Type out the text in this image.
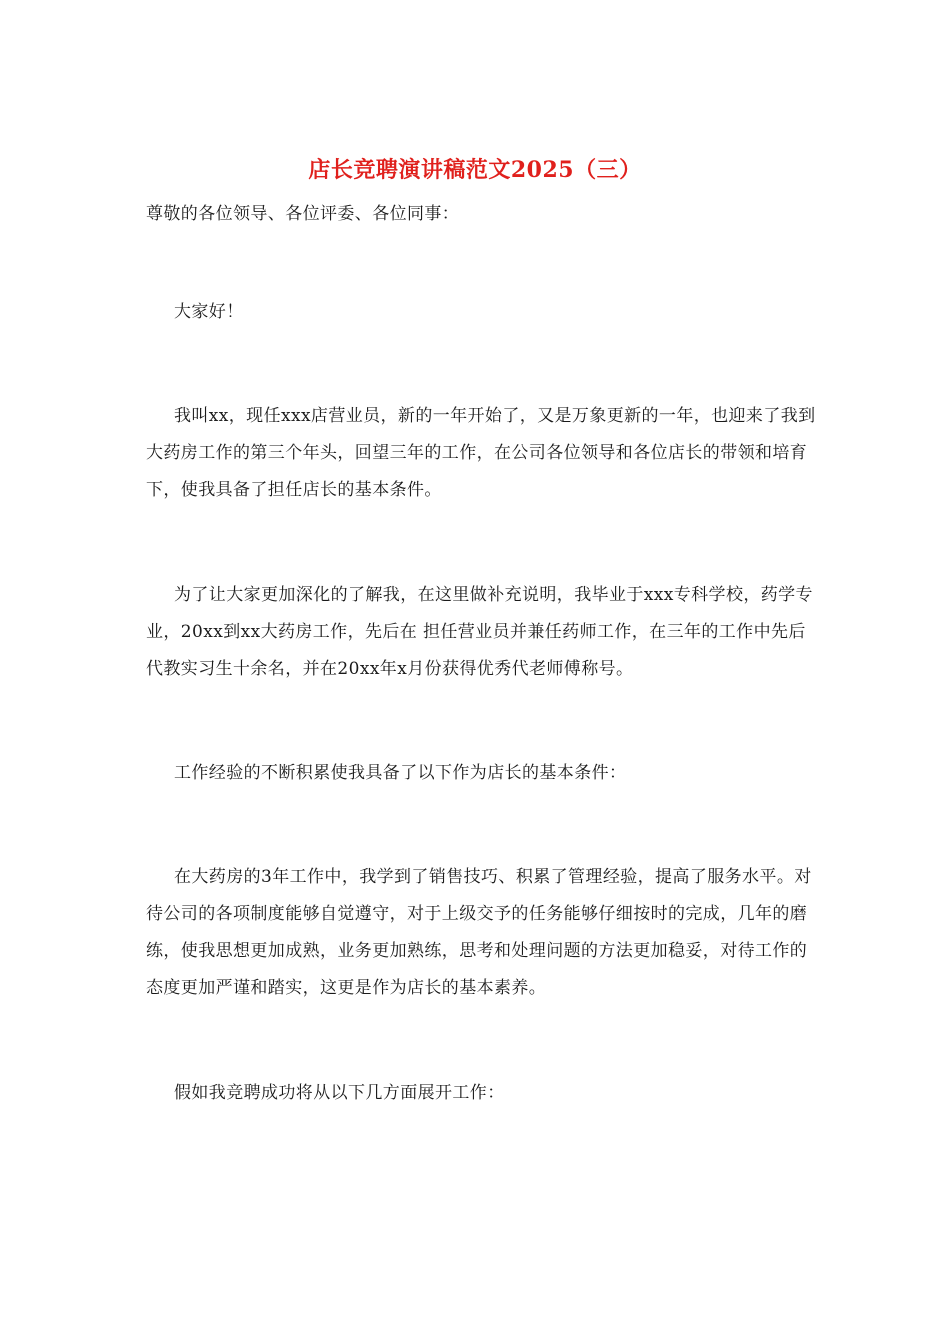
店长竞聘演讲稿范文2025（三）

尊敬的各位领导、各位评委、各位同事：

大家好！

我叫xx，现任xxx店营业员，新的一年开始了，又是万象更新的一年，也迎来了我到大药房工作的第三个年头，回望三年的工作，在公司各位领导和各位店长的带领和培育下，使我具备了担任店长的基本条件。

为了让大家更加深化的了解我，在这里做补充说明，我毕业于xxx专科学校，药学专业，20xx到xx大药房工作，先后在 担任营业员并兼任药师工作，在三年的工作中先后代教实习生十余名，并在20xx年x月份获得优秀代老师傅称号。

工作经验的不断积累使我具备了以下作为店长的基本条件：

在大药房的3年工作中，我学到了销售技巧、积累了管理经验，提高了服务水平。对待公司的各项制度能够自觉遵守，对于上级交予的任务能够仔细按时的完成，几年的磨练，使我思想更加成熟，业务更加熟练，思考和处理问题的方法更加稳妥，对待工作的态度更加严谨和踏实，这更是作为店长的基本素养。

假如我竞聘成功将从以下几方面展开工作：
